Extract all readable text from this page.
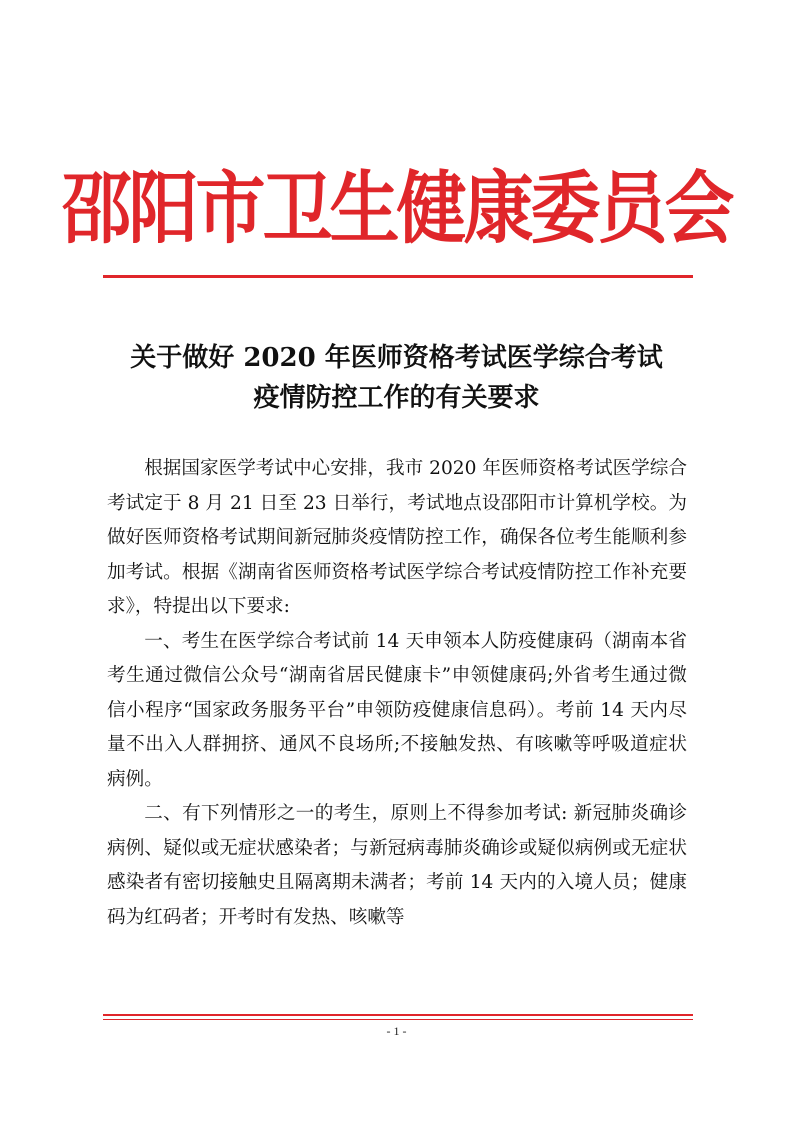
邵阳市卫生健康委员会
关于做好 2020 年医师资格考试医学综合考试
疫情防控工作的有关要求

根据国家医学考试中心安排，我市 2020 年医师资格考试医学综合考试定于 8 月 21 日至 23 日举行，考试地点设邵阳市计算机学校。为做好医师资格考试期间新冠肺炎疫情防控工作，确保各位考生能顺利参加考试。根据《湖南省医师资格考试医学综合考试疫情防控工作补充要求》，特提出以下要求:

一、考生在医学综合考试前 14 天申领本人防疫健康码（湖南本省考生通过微信公众号“湖南省居民健康卡”申领健康码;外省考生通过微信小程序“国家政务服务平台”申领防疫健康信息码）。考前 14 天内尽量不出入人群拥挤、通风不良场所;不接触发热、有咳嗽等呼吸道症状病例。

二、有下列情形之一的考生，原则上不得参加考试: 新冠肺炎确诊病例、疑似或无症状感染者；与新冠病毒肺炎确诊或疑似病例或无症状感染者有密切接触史且隔离期未满者；考前 14 天内的入境人员；健康码为红码者；开考时有发热、咳嗽等

- 1 -
